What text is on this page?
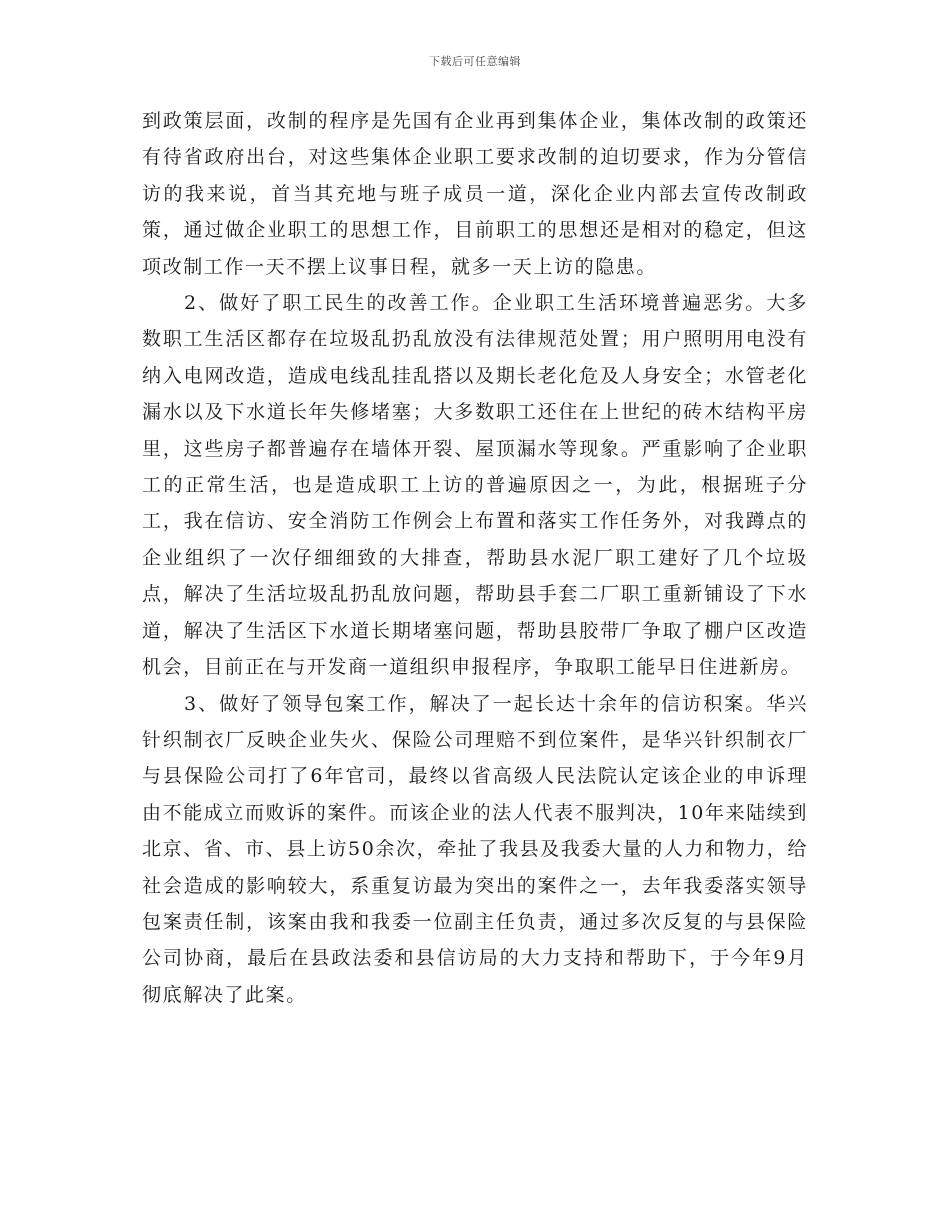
下载后可任意编辑

到政策层面，改制的程序是先国有企业再到集体企业，集体改制的政策还有待省政府出台，对这些集体企业职工要求改制的迫切要求，作为分管信访的我来说，首当其充地与班子成员一道，深化企业内部去宣传改制政策，通过做企业职工的思想工作，目前职工的思想还是相对的稳定，但这项改制工作一天不摆上议事日程，就多一天上访的隐患。

2、做好了职工民生的改善工作。企业职工生活环境普遍恶劣。大多数职工生活区都存在垃圾乱扔乱放没有法律规范处置；用户照明用电没有纳入电网改造，造成电线乱挂乱搭以及期长老化危及人身安全；水管老化漏水以及下水道长年失修堵塞；大多数职工还住在上世纪的砖木结构平房里，这些房子都普遍存在墙体开裂、屋顶漏水等现象。严重影响了企业职工的正常生活，也是造成职工上访的普遍原因之一，为此，根据班子分工，我在信访、安全消防工作例会上布置和落实工作任务外，对我蹲点的企业组织了一次仔细细致的大排查，帮助县水泥厂职工建好了几个垃圾点，解决了生活垃圾乱扔乱放问题，帮助县手套二厂职工重新铺设了下水道，解决了生活区下水道长期堵塞问题，帮助县胶带厂争取了棚户区改造机会，目前正在与开发商一道组织申报程序，争取职工能早日住进新房。

3、做好了领导包案工作，解决了一起长达十余年的信访积案。华兴针织制衣厂反映企业失火、保险公司理赔不到位案件，是华兴针织制衣厂与县保险公司打了6年官司，最终以省高级人民法院认定该企业的申诉理由不能成立而败诉的案件。而该企业的法人代表不服判决，10年来陆续到北京、省、市、县上访50余次，牵扯了我县及我委大量的人力和物力，给社会造成的影响较大，系重复访最为突出的案件之一，去年我委落实领导包案责任制，该案由我和我委一位副主任负责，通过多次反复的与县保险公司协商，最后在县政法委和县信访局的大力支持和帮助下，于今年9月彻底解决了此案。
